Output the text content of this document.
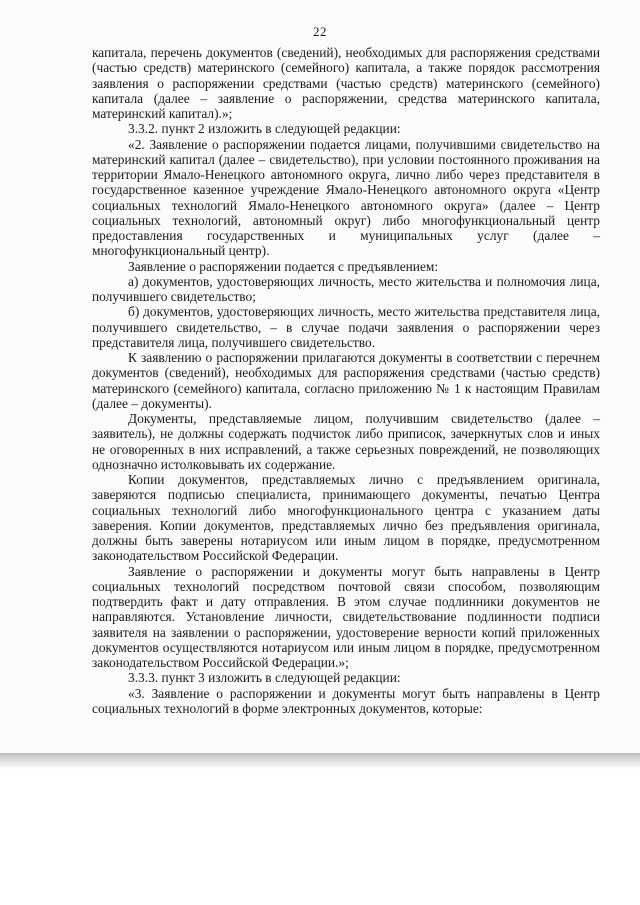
22

капитала, перечень документов (сведений), необходимых для распоряжения средствами (частью средств) материнского (семейного) капитала, а также порядок рассмотрения заявления о распоряжении средствами (частью средств) материнского (семейного) капитала (далее – заявление о распоряжении, средства материнского капитала, материнский капитал).»;

3.3.2. пункт 2 изложить в следующей редакции:

«2. Заявление о распоряжении подается лицами, получившими свидетельство на материнский капитал (далее – свидетельство), при условии постоянного проживания на территории Ямало-Ненецкого автономного округа, лично либо через представителя в государственное казенное учреждение Ямало-Ненецкого автономного округа «Центр социальных технологий Ямало-Ненецкого автономного округа» (далее – Центр социальных технологий, автономный округ) либо многофункциональный центр предоставления государственных и муниципальных услуг (далее – многофункциональный центр).

Заявление о распоряжении подается с предъявлением:

а) документов, удостоверяющих личность, место жительства и полномочия лица, получившего свидетельство;

б) документов, удостоверяющих личность, место жительства представителя лица, получившего свидетельство, – в случае подачи заявления о распоряжении через представителя лица, получившего свидетельство.

К заявлению о распоряжении прилагаются документы в соответствии с перечнем документов (сведений), необходимых для распоряжения средствами (частью средств) материнского (семейного) капитала, согласно приложению № 1 к настоящим Правилам (далее – документы).

Документы, представляемые лицом, получившим свидетельство (далее – заявитель), не должны содержать подчисток либо приписок, зачеркнутых слов и иных не оговоренных в них исправлений, а также серьезных повреждений, не позволяющих однозначно истолковывать их содержание.

Копии документов, представляемых лично с предъявлением оригинала, заверяются подписью специалиста, принимающего документы, печатью Центра социальных технологий либо многофункционального центра с указанием даты заверения. Копии документов, представляемых лично без предъявления оригинала, должны быть заверены нотариусом или иным лицом в порядке, предусмотренном законодательством Российской Федерации.

Заявление о распоряжении и документы могут быть направлены в Центр социальных технологий посредством почтовой связи способом, позволяющим подтвердить факт и дату отправления. В этом случае подлинники документов не направляются. Установление личности, свидетельствование подлинности подписи заявителя на заявлении о распоряжении, удостоверение верности копий приложенных документов осуществляются нотариусом или иным лицом в порядке, предусмотренном законодательством Российской Федерации.»;

3.3.3. пункт 3 изложить в следующей редакции:

«3. Заявление о распоряжении и документы могут быть направлены в Центр социальных технологий в форме электронных документов, которые:
